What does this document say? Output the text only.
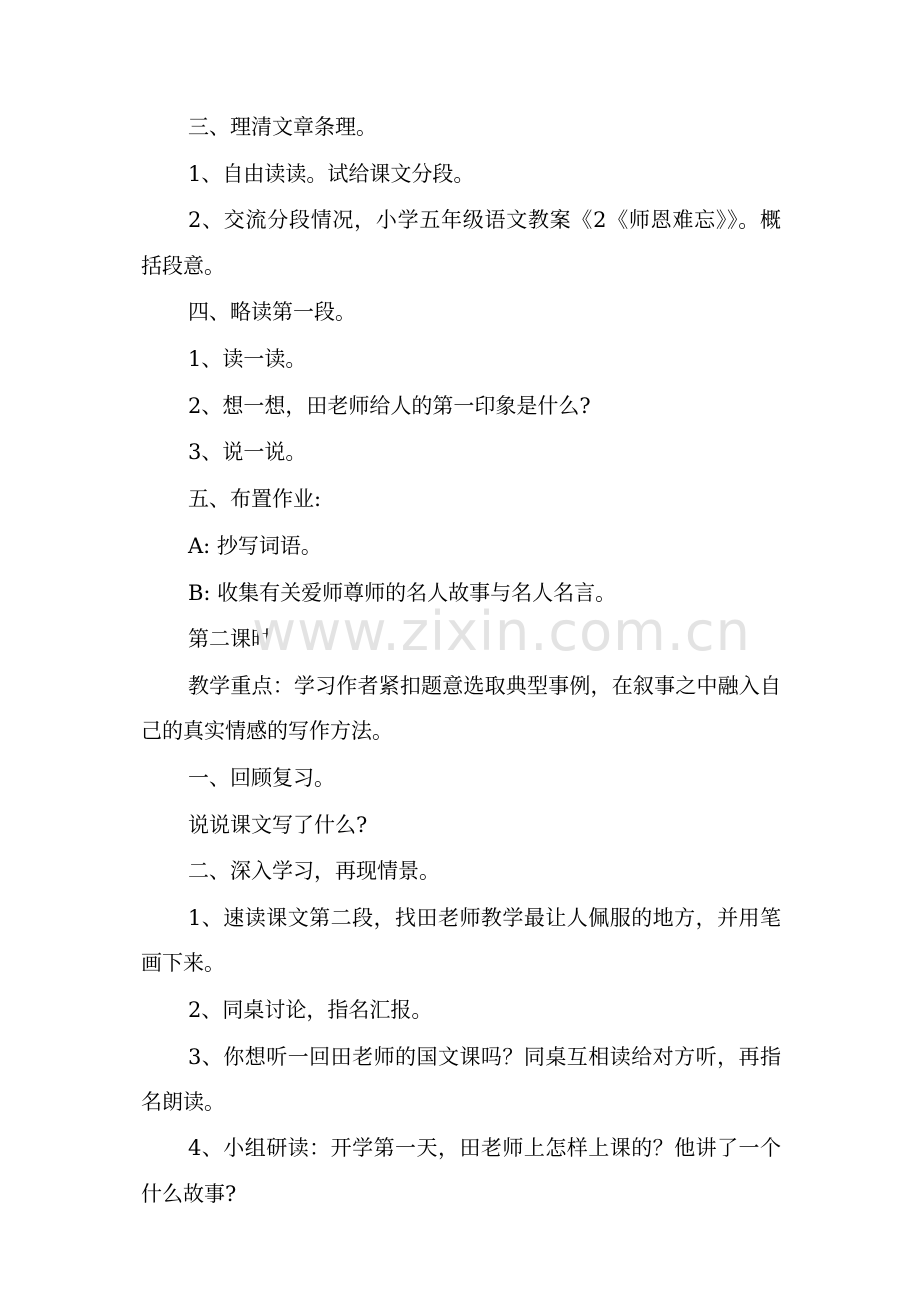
三、理清文章条理。

1、自由读读。试给课文分段。

2、交流分段情况，小学五年级语文教案《2《师恩难忘》》。概括段意。

四、略读第一段。

1、读一读。

2、想一想，田老师给人的第一印象是什么?

3、说一说。

五、布置作业:

A: 抄写词语。

B: 收集有关爱师尊师的名人故事与名人名言。

第二课时

教学重点：学习作者紧扣题意选取典型事例，在叙事之中融入自己的真实情感的写作方法。

一、回顾复习。

说说课文写了什么?

二、深入学习，再现情景。

1、速读课文第二段，找田老师教学最让人佩服的地方，并用笔画下来。

2、同桌讨论，指名汇报。

3、你想听一回田老师的国文课吗？同桌互相读给对方听，再指名朗读。

4、小组研读：开学第一天，田老师上怎样上课的？他讲了一个什么故事?

www.zixin.com.cn
